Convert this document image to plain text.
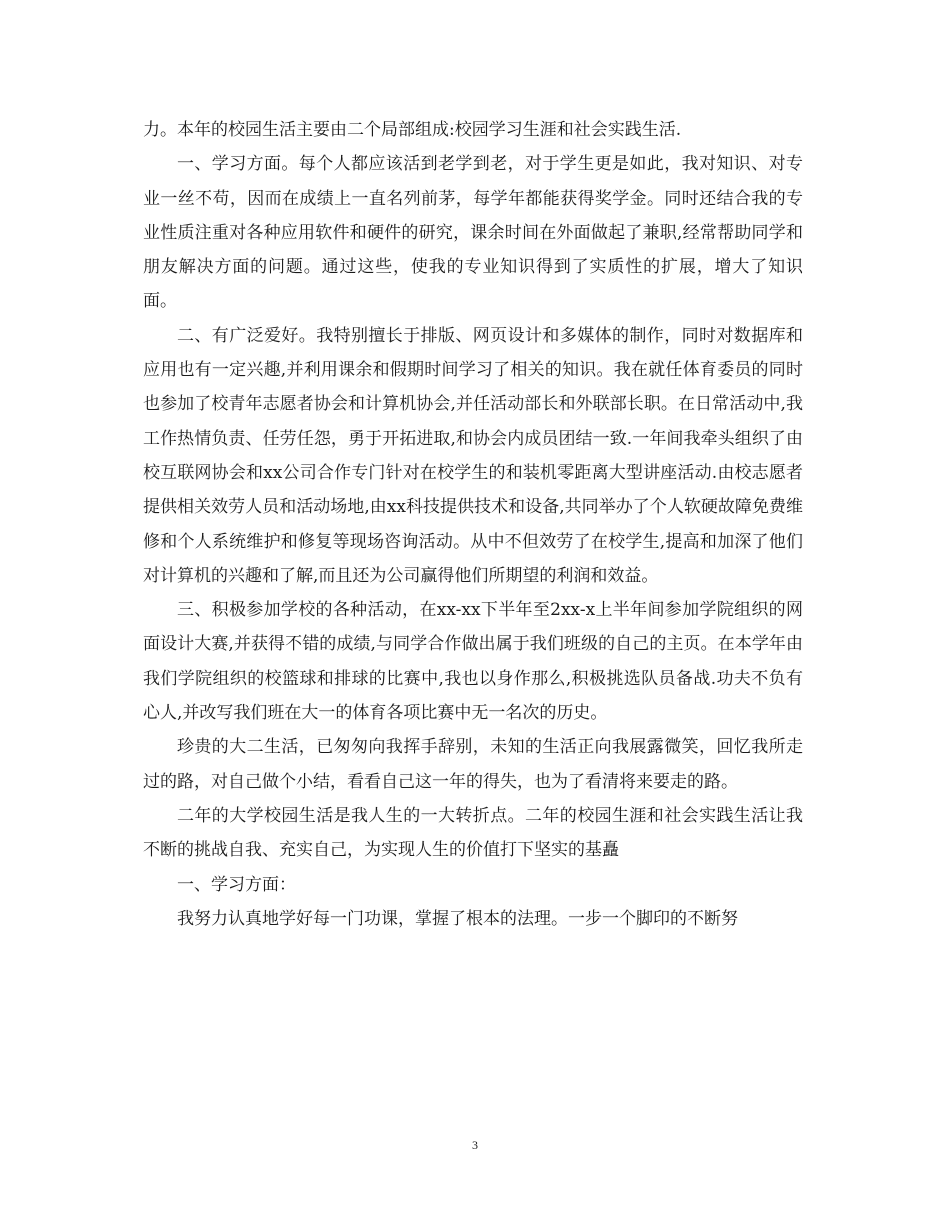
力。本年的校园生活主要由二个局部组成:校园学习生涯和社会实践生活.

一、学习方面。每个人都应该活到老学到老，对于学生更是如此，我对知识、对专业一丝不苟，因而在成绩上一直名列前茅，每学年都能获得奖学金。同时还结合我的专业性质注重对各种应用软件和硬件的研究，课余时间在外面做起了兼职,经常帮助同学和朋友解决方面的问题。通过这些，使我的专业知识得到了实质性的扩展，增大了知识面。

二、有广泛爱好。我特别擅长于排版、网页设计和多媒体的制作，同时对数据库和应用也有一定兴趣,并利用课余和假期时间学习了相关的知识。我在就任体育委员的同时也参加了校青年志愿者协会和计算机协会,并任活动部长和外联部长职。在日常活动中,我工作热情负责、任劳任怨，勇于开拓进取,和协会内成员团结一致.一年间我牵头组织了由校互联网协会和xx公司合作专门针对在校学生的和装机零距离大型讲座活动.由校志愿者提供相关效劳人员和活动场地,由xx科技提供技术和设备,共同举办了个人软硬故障免费维修和个人系统维护和修复等现场咨询活动。从中不但效劳了在校学生,提高和加深了他们对计算机的兴趣和了解,而且还为公司赢得他们所期望的利润和效益。

三、积极参加学校的各种活动，在xx-xx下半年至2xx-x上半年间参加学院组织的网面设计大赛,并获得不错的成绩,与同学合作做出属于我们班级的自己的主页。在本学年由我们学院组织的校篮球和排球的比赛中,我也以身作那么,积极挑选队员备战.功夫不负有心人,并改写我们班在大一的体育各项比赛中无一名次的历史。

珍贵的大二生活，已匆匆向我挥手辞别，未知的生活正向我展露微笑，回忆我所走过的路，对自己做个小结，看看自己这一年的得失，也为了看清将来要走的路。

二年的大学校园生活是我人生的一大转折点。二年的校园生涯和社会实践生活让我不断的挑战自我、充实自己，为实现人生的价值打下坚实的基矗

一、学习方面：

我努力认真地学好每一门功课，掌握了根本的法理。一步一个脚印的不断努

3
